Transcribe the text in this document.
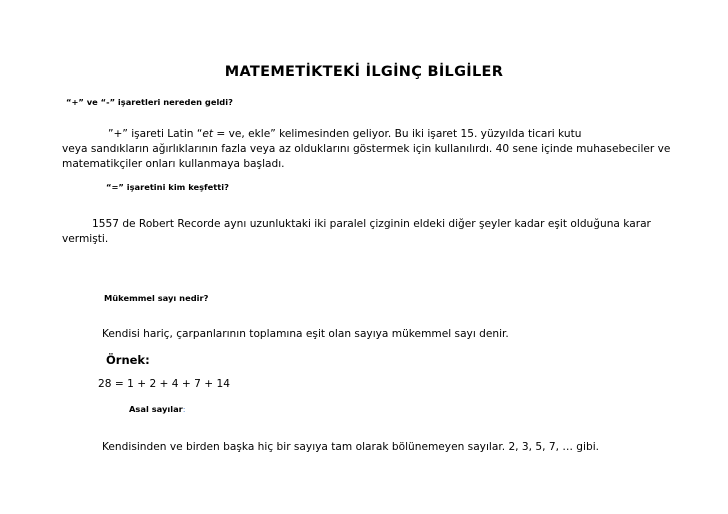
MATEMETİKTEKİ İLGİNÇ BİLGİLER
“+” ve “-” işaretleri nereden geldi?
”+” işareti Latin “et = ve, ekle” kelimesinden geliyor. Bu iki işaret 15. yüzyılda ticari kutu
veya sandıkların ağırlıklarının fazla veya az olduklarını göstermek için kullanılırdı. 40 sene içinde muhasebeciler ve
matematikçiler onları kullanmaya başladı.
“=” işaretini kim keşfetti?
1557 de Robert Recorde aynı uzunluktaki iki paralel çizginin eldeki diğer şeyler kadar eşit olduğuna karar
vermişti.
Mükemmel sayı nedir?
Kendisi hariç, çarpanlarının toplamına eşit olan sayıya mükemmel sayı denir.
Örnek:
28 = 1 + 2 + 4 + 7 + 14
Asal sayılar:
Kendisinden ve birden başka hiç bir sayıya tam olarak bölünemeyen sayılar. 2, 3, 5, 7, … gibi.
